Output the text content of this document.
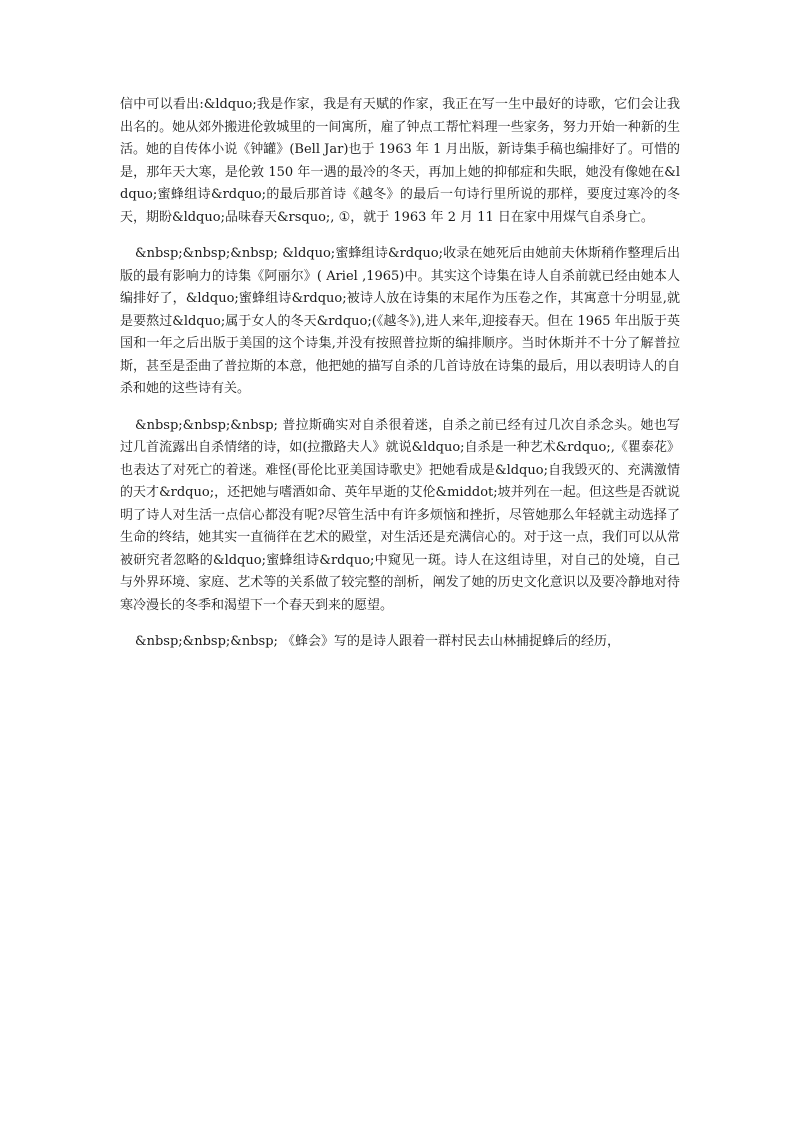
信中可以看出:&ldquo;我是作家，我是有天赋的作家，我正在写一生中最好的诗歌，它们会让我出名的。她从郊外搬进伦敦城里的一间寓所，雇了钟点工帮忙料理一些家务，努力开始一种新的生活。她的自传体小说《钟罐》(Bell Jar)也于 1963 年 1 月出版，新诗集手稿也编排好了。可惜的是，那年天大寒，是伦敦 150 年一遇的最冷的冬天，再加上她的抑郁症和失眠，她没有像她在&ldquo;蜜蜂组诗&rdquo;的最后那首诗《越冬》的最后一句诗行里所说的那样，要度过寒冷的冬天，期盼&ldquo;品味春天&rsquo;, ①，就于 1963 年 2 月 11 日在家中用煤气自杀身亡。

&nbsp;&nbsp;&nbsp; &ldquo;蜜蜂组诗&rdquo;收录在她死后由她前夫休斯稍作整理后出版的最有影响力的诗集《阿丽尔》( Ariel ,1965)中。其实这个诗集在诗人自杀前就已经由她本人编排好了，&ldquo;蜜蜂组诗&rdquo;被诗人放在诗集的末尾作为压卷之作，其寓意十分明显,就是要熬过&ldquo;属于女人的冬天&rdquo;(《越冬》),进人来年,迎接春天。但在 1965 年出版于英国和一年之后出版于美国的这个诗集,并没有按照普拉斯的编排顺序。当时休斯并不十分了解普拉斯，甚至是歪曲了普拉斯的本意，他把她的描写自杀的几首诗放在诗集的最后，用以表明诗人的自杀和她的这些诗有关。

&nbsp;&nbsp;&nbsp; 普拉斯确实对自杀很着迷，自杀之前已经有过几次自杀念头。她也写过几首流露出自杀情绪的诗，如(拉撒路夫人》就说&ldquo;自杀是一种艺术&rdquo;,《瞿泰花》也表达了对死亡的着迷。难怪(哥伦比亚美国诗歌史》把她看成是&ldquo;自我毁灭的、充满激情的天才&rdquo;，还把她与嗜酒如命、英年早逝的艾伦&middot;坡并列在一起。但这些是否就说明了诗人对生活一点信心都没有呢?尽管生活中有许多烦恼和挫折，尽管她那么年轻就主动选择了生命的终结，她其实一直徜徉在艺术的殿堂，对生活还是充满信心的。对于这一点，我们可以从常被研究者忽略的&ldquo;蜜蜂组诗&rdquo;中窥见一斑。诗人在这组诗里，对自己的处境，自己与外界环境、家庭、艺术等的关系做了较完整的剖析，阐发了她的历史文化意识以及要冷静地对待寒冷漫长的冬季和渴望下一个春天到来的愿望。

&nbsp;&nbsp;&nbsp; 《蜂会》写的是诗人跟着一群村民去山林捕捉蜂后的经历，
